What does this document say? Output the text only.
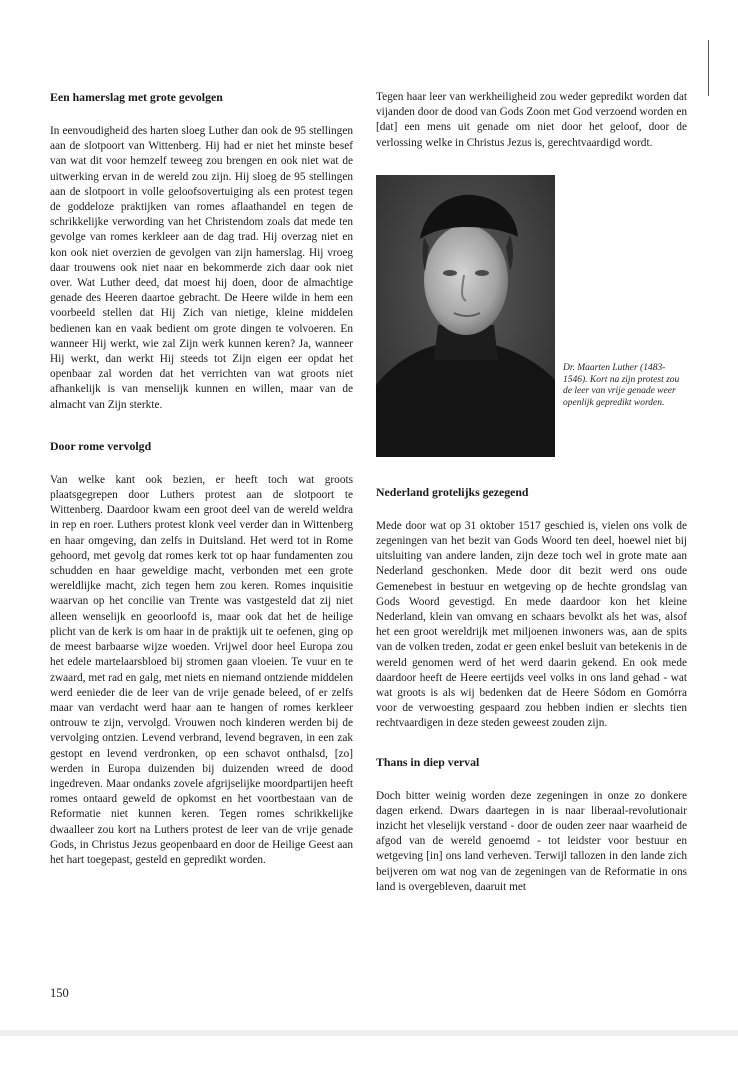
Een hamerslag met grote gevolgen

In eenvoudigheid des harten sloeg Luther dan ook de 95 stellingen aan de slotpoort van Wittenberg. Hij had er niet het minste besef van wat dit voor hemzelf teweeg zou brengen en ook niet wat de uitwerking ervan in de wereld zou zijn. Hij sloeg de 95 stellingen aan de slotpoort in volle geloofsovertuiging als een protest tegen de goddeloze praktijken van romes aflaathandel en tegen de schrikkelijke verwording van het Christendom zoals dat mede ten gevolge van romes kerkleer aan de dag trad. Hij overzag niet en kon ook niet overzien de gevolgen van zijn hamerslag. Hij vroeg daar trouwens ook niet naar en bekommerde zich daar ook niet over. Wat Luther deed, dat moest hij doen, door de almachtige genade des Heeren daartoe gebracht. De Heere wilde in hem een voorbeeld stellen dat Hij Zich van nietige, kleine middelen bedienen kan en vaak bedient om grote dingen te volvoeren. En wanneer Hij werkt, wie zal Zijn werk kunnen keren? Ja, wanneer Hij werkt, dan werkt Hij steeds tot Zijn eigen eer opdat het openbaar zal worden dat het verrichten van wat groots niet afhankelijk is van menselijk kunnen en willen, maar van de almacht van Zijn sterkte.

Door rome vervolgd

Van welke kant ook bezien, er heeft toch wat groots plaatsgegrepen door Luthers protest aan de slotpoort te Wittenberg. Daardoor kwam een groot deel van de wereld weldra in rep en roer. Luthers protest klonk veel verder dan in Wittenberg en haar omgeving, dan zelfs in Duitsland. Het werd tot in Rome gehoord, met gevolg dat romes kerk tot op haar fundamenten zou schudden en haar geweldige macht, verbonden met een grote wereldlijke macht, zich tegen hem zou keren. Romes inquisitie waarvan op het concilie van Trente was vastgesteld dat zij niet alleen wenselijk en geoorloofd is, maar ook dat het de heilige plicht van de kerk is om haar in de praktijk uit te oefenen, ging op de meest barbaarse wijze woeden. Vrijwel door heel Europa zou het edele martelaarsbloed bij stromen gaan vloeien. Te vuur en te zwaard, met rad en galg, met niets en niemand ontziende middelen werd eenieder die de leer van de vrije genade beleed, of er zelfs maar van verdacht werd haar aan te hangen of romes kerkleer ontrouw te zijn, vervolgd. Vrouwen noch kinderen werden bij de vervolging ontzien. Levend verbrand, levend begraven, in een zak gestopt en levend verdronken, op een schavot onthalsd, [zo] werden in Europa duizenden bij duizenden wreed de dood ingedreven. Maar ondanks zovele afgrijselijke moordpartijen heeft romes ontaard geweld de opkomst en het voortbestaan van de Reformatie niet kunnen keren. Tegen romes schrikkelijke dwaalleer zou kort na Luthers protest de leer van de vrije genade Gods, in Christus Jezus geopenbaard en door de Heilige Geest aan het hart toegepast, gesteld en gepredikt worden.

Tegen haar leer van werkheiligheid zou weder gepredikt worden dat vijanden door de dood van Gods Zoon met God verzoend worden en [dat] een mens uit genade om niet door het geloof, door de verlossing welke in Christus Jezus is, gerechtvaardigd wordt.

Dr. Maarten Luther (1483-1546). Kort na zijn protest zou de leer van vrije genade weer openlijk gepredikt worden.
Nederland grotelijks gezegend

Mede door wat op 31 oktober 1517 geschied is, vielen ons volk de zegeningen van het bezit van Gods Woord ten deel, hoewel niet bij uitsluiting van andere landen, zijn deze toch wel in grote mate aan Nederland geschonken. Mede door dit bezit werd ons oude Gemenebest in bestuur en wetgeving op de hechte grondslag van Gods Woord gevestigd. En mede daardoor kon het kleine Nederland, klein van omvang en schaars bevolkt als het was, alsof het een groot wereldrijk met miljoenen inwoners was, aan de spits van de volken treden, zodat er geen enkel besluit van betekenis in de wereld genomen werd of het werd daarin gekend. En ook mede daardoor heeft de Heere eertijds veel volks in ons land gehad - wat wat groots is als wij bedenken dat de Heere Sódom en Gomórra voor de verwoesting gespaard zou hebben indien er slechts tien rechtvaardigen in deze steden geweest zouden zijn.

Thans in diep verval

Doch bitter weinig worden deze zegeningen in onze zo donkere dagen erkend. Dwars daartegen in is naar liberaal-revolutionair inzicht het vleselijk verstand - door de ouden zeer naar waarheid de afgod van de wereld genoemd - tot leidster voor bestuur en wetgeving [in] ons land verheven. Terwijl tallozen in den lande zich beijveren om wat nog van de zegeningen van de Reformatie in ons land is overgebleven, daaruit met

150
